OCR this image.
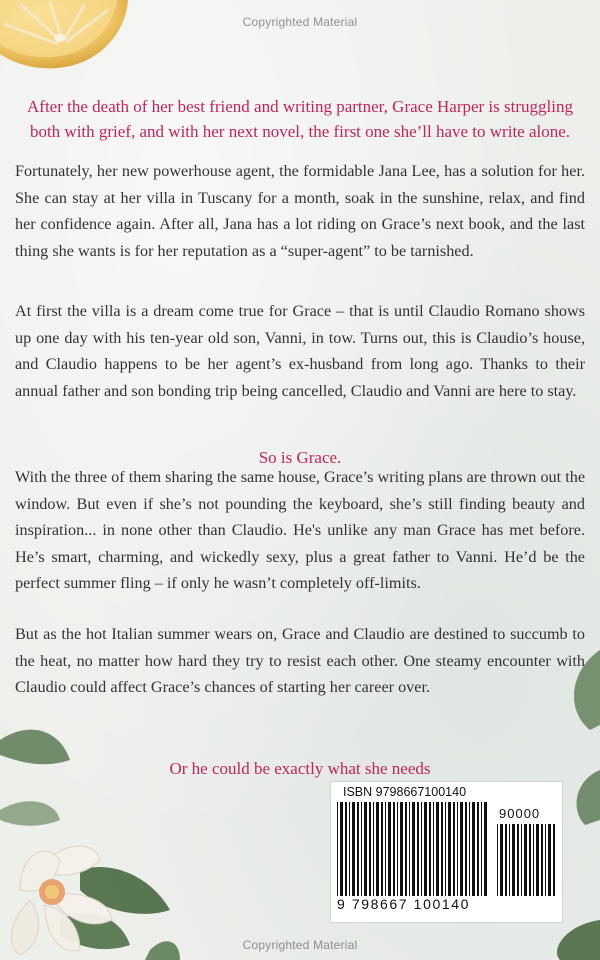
Copyrighted Material

After the death of her best friend and writing partner, Grace Harper is struggling both with grief, and with her next novel, the first one she’ll have to write alone.

Fortunately, her new powerhouse agent, the formidable Jana Lee, has a solution for her. She can stay at her villa in Tuscany for a month, soak in the sunshine, relax, and find her confidence again. After all, Jana has a lot riding on Grace’s next book, and the last thing she wants is for her reputation as a “super-agent” to be tarnished.

At first the villa is a dream come true for Grace – that is until Claudio Romano shows up one day with his ten-year old son, Vanni, in tow. Turns out, this is Claudio’s house, and Claudio happens to be her agent’s ex-husband from long ago. Thanks to their annual father and son bonding trip being cancelled, Claudio and Vanni are here to stay.

So is Grace.

With the three of them sharing the same house, Grace’s writing plans are thrown out the window. But even if she’s not pounding the keyboard, she’s still finding beauty and inspiration... in none other than Claudio. He's unlike any man Grace has met before. He’s smart, charming, and wickedly sexy, plus a great father to Vanni. He’d be the perfect summer fling – if only he wasn’t completely off-limits.

But as the hot Italian summer wears on, Grace and Claudio are destined to succumb to the heat, no matter how hard they try to resist each other. One steamy encounter with Claudio could affect Grace’s chances of starting her career over.

Or he could be exactly what she needs

ISBN 9798667100140
90000
9 798667 100140
Copyrighted Material
